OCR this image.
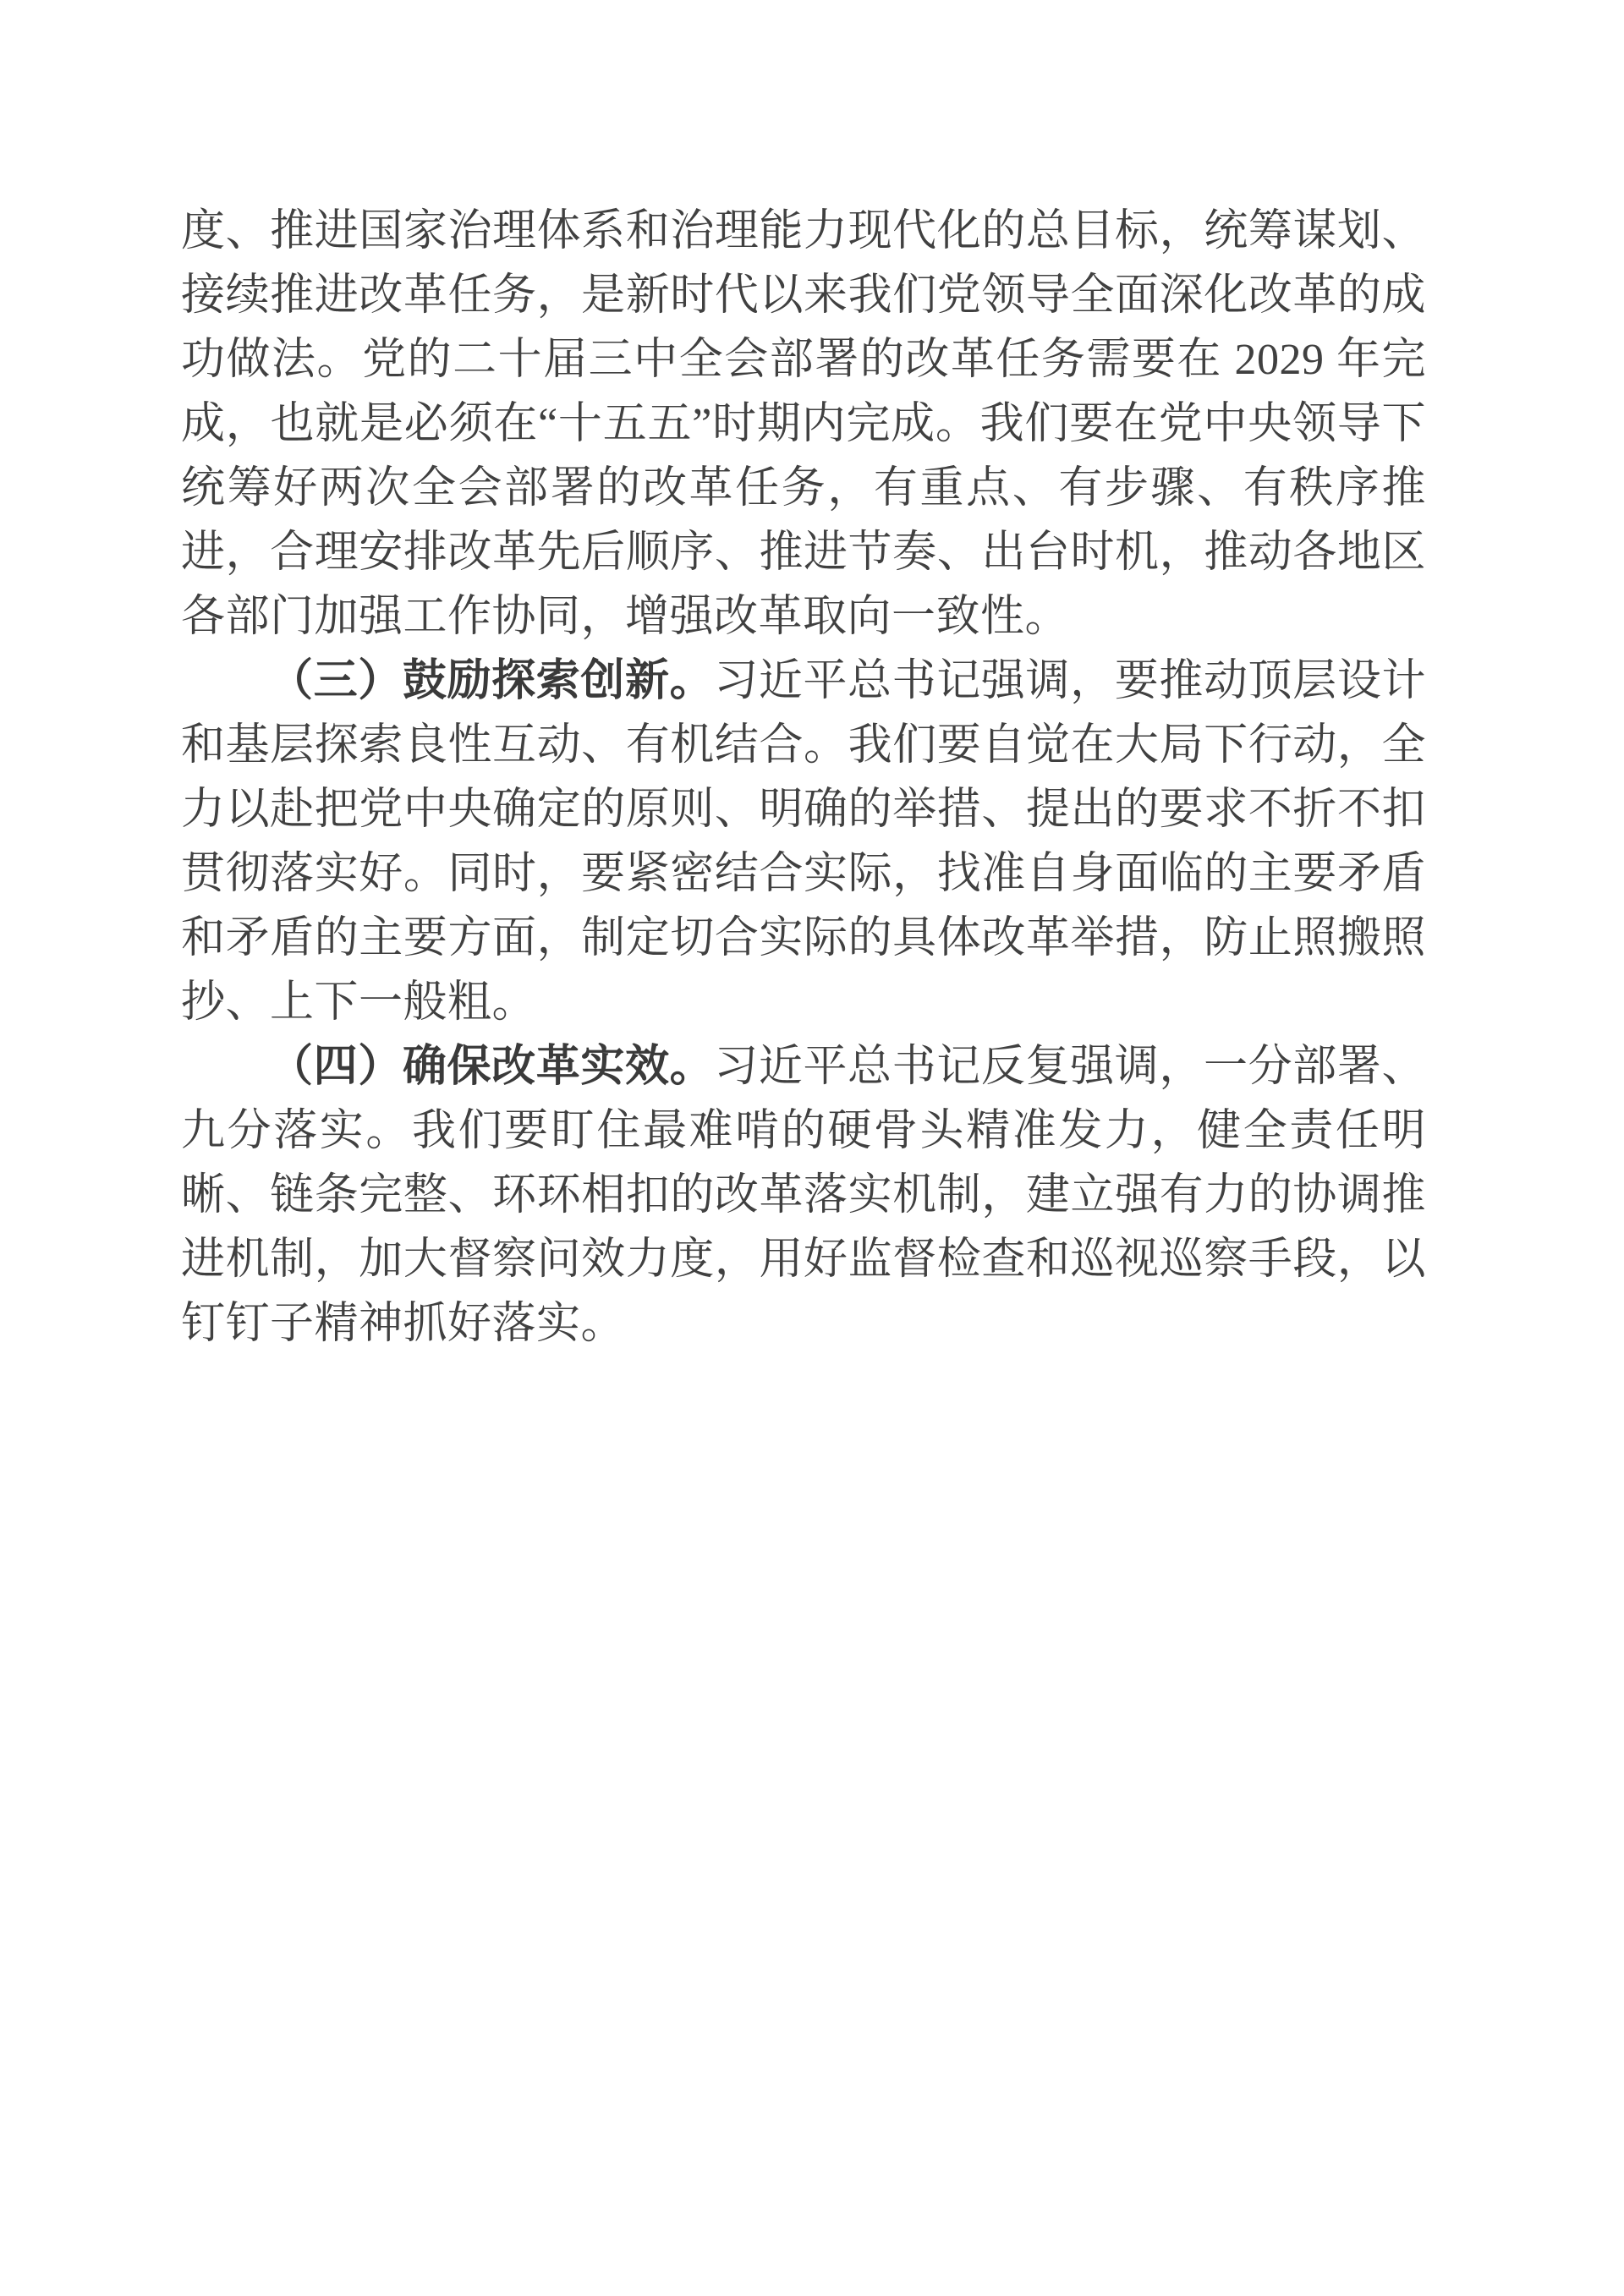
度、推进国家治理体系和治理能力现代化的总目标，统筹谋划、接续推进改革任务，是新时代以来我们党领导全面深化改革的成功做法。党的二十届三中全会部署的改革任务需要在 2029 年完成，也就是必须在“十五五”时期内完成。我们要在党中央领导下统筹好两次全会部署的改革任务，有重点、有步骤、有秩序推进，合理安排改革先后顺序、推进节奏、出台时机，推动各地区各部门加强工作协同，增强改革取向一致性。

（三）鼓励探索创新。习近平总书记强调，要推动顶层设计和基层探索良性互动、有机结合。我们要自觉在大局下行动，全力以赴把党中央确定的原则、明确的举措、提出的要求不折不扣贯彻落实好。同时，要紧密结合实际，找准自身面临的主要矛盾和矛盾的主要方面，制定切合实际的具体改革举措，防止照搬照抄、上下一般粗。

（四）确保改革实效。习近平总书记反复强调，一分部署、九分落实。我们要盯住最难啃的硬骨头精准发力，健全责任明晰、链条完整、环环相扣的改革落实机制，建立强有力的协调推进机制，加大督察问效力度，用好监督检查和巡视巡察手段，以钉钉子精神抓好落实。
